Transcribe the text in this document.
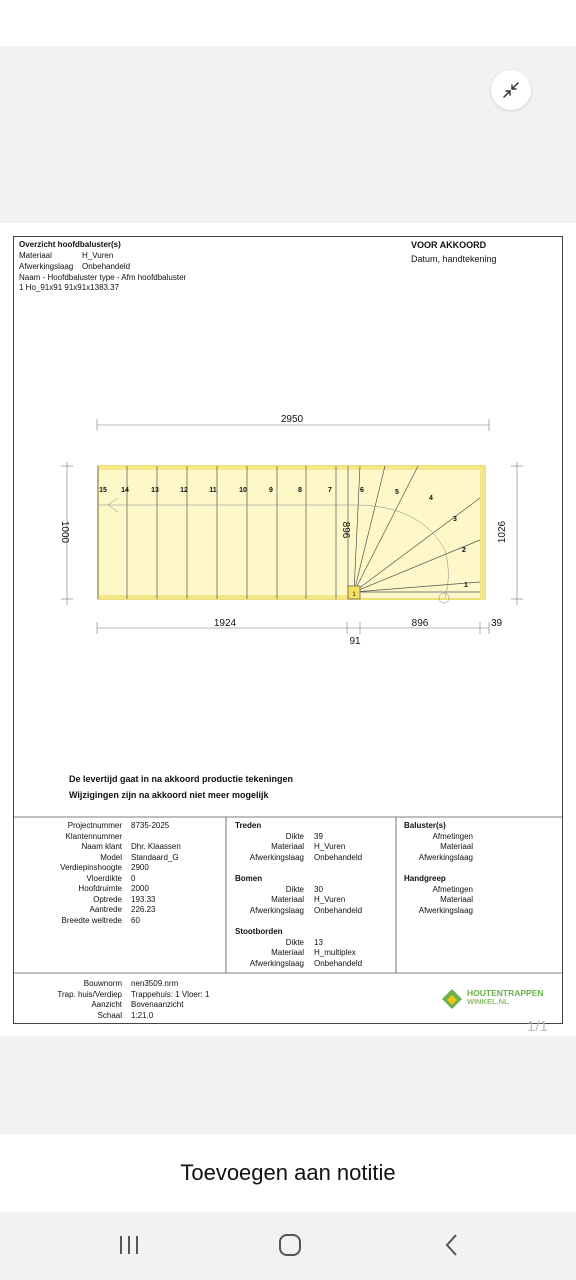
Overzicht hoofdbaluster(s)
Materiaal	H_Vuren
Afwerkingslaag Onbehandeld
Naam - Hoofdbaluster type - Afm hoofdbaluster
1 Ho_91x91 91x91x1383.37
VOOR AKKOORD
Datum, handtekening
15 14	13	12	11	10	9	8	7	6	5
4
3
2
1
2950
1000	1026
896
1924
91
896	39
1
De levertijd gaat in na akkoord productie tekeningen
Wijzigingen zijn na akkoord niet meer mogelijk
Projectnummer 8735-2025
Klantennummer
Naam klant Dhr. Klaassen
Model Standaard_G
Verdiepinshoogte 2900
Vloerdikte 0
Hoofdruimte 2000
Optrede 193.33
Aantrede 226.23
Breedte weltrede 60
Treden
Dikte 39
Materiaal H_Vuren
Afwerkingslaag Onbehandeld
Bomen
Dikte 30
Materiaal H_Vuren
Afwerkingslaag Onbehandeld
Stootborden
Dikte 13
Materiaal H_multiplex
Afwerkingslaag Onbehandeld
Baluster(s)
Afmetingen
Materiaal
Afwerkingslaag
Handgreep
Afmetingen
Materiaal
Afwerkingslaag
Bouwnorm nen3509.nrm
Trap. huis/Verdiep Trappehuis: 1 Vloer: 1
Aanzicht Bovenaanzicht
Schaal 1:21.0
HOUTENTRAPPEN
WINKEL.NL
1/1
Toevoegen aan notitie
